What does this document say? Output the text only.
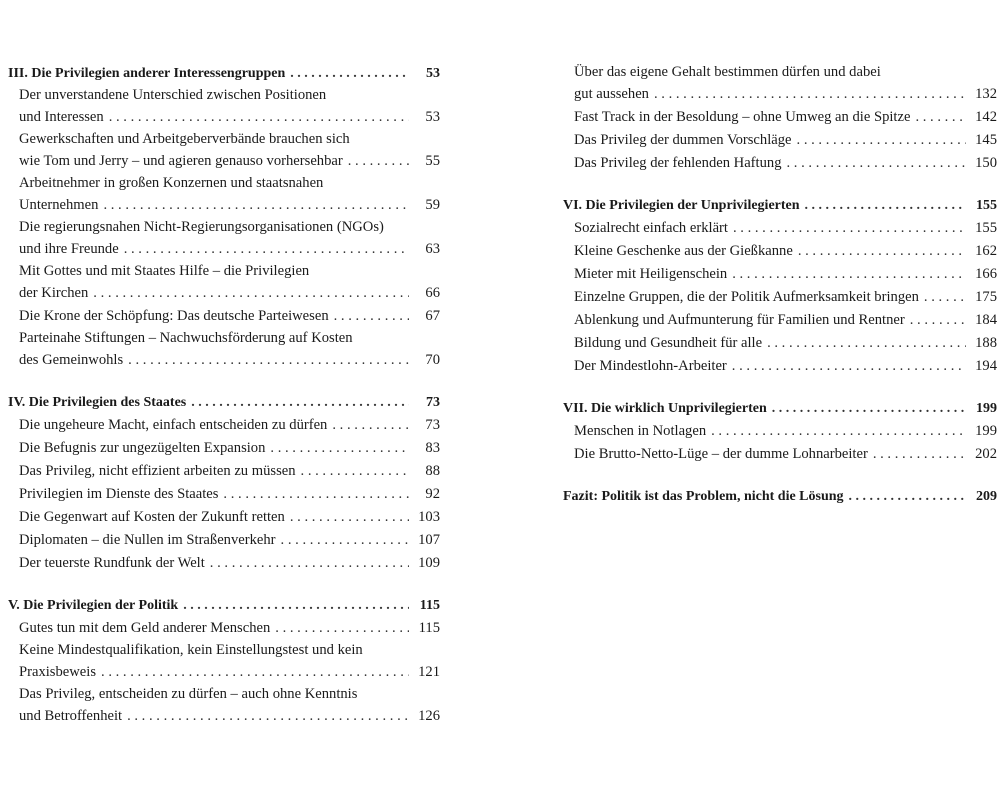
III. Die Privilegien anderer Interessengruppen . . .	53
Der unverstandene Unterschied zwischen Positionen
und Interessen . . .	53
Gewerkschaften und Arbeitgeberverbände brauchen sich
wie Tom und Jerry – und agieren genauso vorhersehbar . . .	55
Arbeitnehmer in großen Konzernen und staatsnahen
Unternehmen . . .	59
Die regierungsnahen Nicht-Regierungsorganisationen (NGOs)
und ihre Freunde . . .	63
Mit Gottes und mit Staates Hilfe – die Privilegien
der Kirchen . . .	66
Die Krone der Schöpfung: Das deutsche Parteiwesen . . .	67
Parteinahe Stiftungen – Nachwuchsförderung auf Kosten
des Gemeinwohls . . .	70
IV. Die Privilegien des Staates . . .	73
Die ungeheure Macht, einfach entscheiden zu dürfen . . .	73
Die Befugnis zur ungezügelten Expansion . . .	83
Das Privileg, nicht effizient arbeiten zu müssen . . .	88
Privilegien im Dienste des Staates . . .	92
Die Gegenwart auf Kosten der Zukunft retten . . .	103
Diplomaten – die Nullen im Straßenverkehr . . .	107
Der teuerste Rundfunk der Welt . . .	109
V. Die Privilegien der Politik . . .	115
Gutes tun mit dem Geld anderer Menschen . . .	115
Keine Mindestqualifikation, kein Einstellungstest und kein
Praxisbeweis . . .	121
Das Privileg, entscheiden zu dürfen – auch ohne Kenntnis
und Betroffenheit . . .	126
Über das eigene Gehalt bestimmen dürfen und dabei
gut aussehen . . .	132
Fast Track in der Besoldung – ohne Umweg an die Spitze . . .	142
Das Privileg der dummen Vorschläge . . .	145
Das Privileg der fehlenden Haftung . . .	150
VI. Die Privilegien der Unprivilegierten . . .	155
Sozialrecht einfach erklärt . . .	155
Kleine Geschenke aus der Gießkanne . . .	162
Mieter mit Heiligenschein . . .	166
Einzelne Gruppen, die der Politik Aufmerksamkeit bringen . . .	175
Ablenkung und Aufmunterung für Familien und Rentner . . .	184
Bildung und Gesundheit für alle . . .	188
Der Mindestlohn-Arbeiter . . .	194
VII. Die wirklich Unprivilegierten . . .	199
Menschen in Notlagen . . .	199
Die Brutto-Netto-Lüge – der dumme Lohnarbeiter . . .	202
Fazit: Politik ist das Problem, nicht die Lösung . . .	209
